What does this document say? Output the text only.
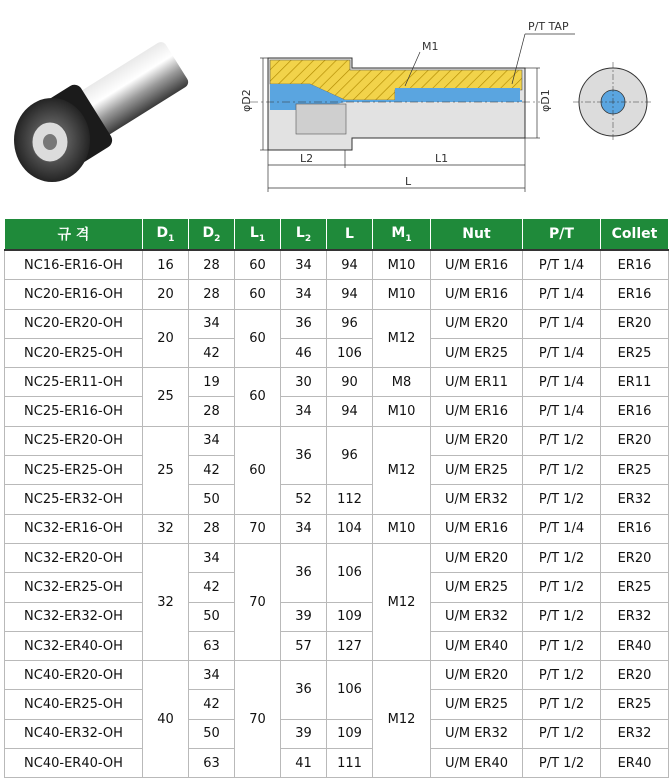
φD2	φD1
M1
P/T TAP
L2	L1
L
규 격	$D_1$	$D_2$	$L_1$	$L_2$	L	$M_1$	Nut	P/T	Collet
NC16-ER16-OH	16	28	60	34	94	M10	U/M ER16	P/T 1/4	ER16
NC20-ER16-OH	20	28	60	34	94	M10	U/M ER16	P/T 1/4	ER16
NC20-ER20-OH	20	34	60	36	96	M12	U/M ER20	P/T 1/4	ER20
NC20-ER25-OH		42		46	106		U/M ER25	P/T 1/4	ER25
NC25-ER11-OH	25	19	60	30	90	M8	U/M ER11	P/T 1/4	ER11
NC25-ER16-OH		28		34	94	M10	U/M ER16	P/T 1/4	ER16
NC25-ER20-OH	25	34	60	36	96	M12	U/M ER20	P/T 1/2	ER20
NC25-ER25-OH		42					U/M ER25	P/T 1/2	ER25
NC25-ER32-OH		50		52	112		U/M ER32	P/T 1/2	ER32
NC32-ER16-OH	32	28	70	34	104	M10	U/M ER16	P/T 1/4	ER16
NC32-ER20-OH	32	34	70	36	106	M12	U/M ER20	P/T 1/2	ER20
NC32-ER25-OH		42					U/M ER25	P/T 1/2	ER25
NC32-ER32-OH		50		39	109		U/M ER32	P/T 1/2	ER32
NC32-ER40-OH		63		57	127		U/M ER40	P/T 1/2	ER40
NC40-ER20-OH	40	34	70	36	106	M12	U/M ER20	P/T 1/2	ER20
NC40-ER25-OH		42					U/M ER25	P/T 1/2	ER25
NC40-ER32-OH		50		39	109		U/M ER32	P/T 1/2	ER32
NC40-ER40-OH		63		41	111		U/M ER40	P/T 1/2	ER40
